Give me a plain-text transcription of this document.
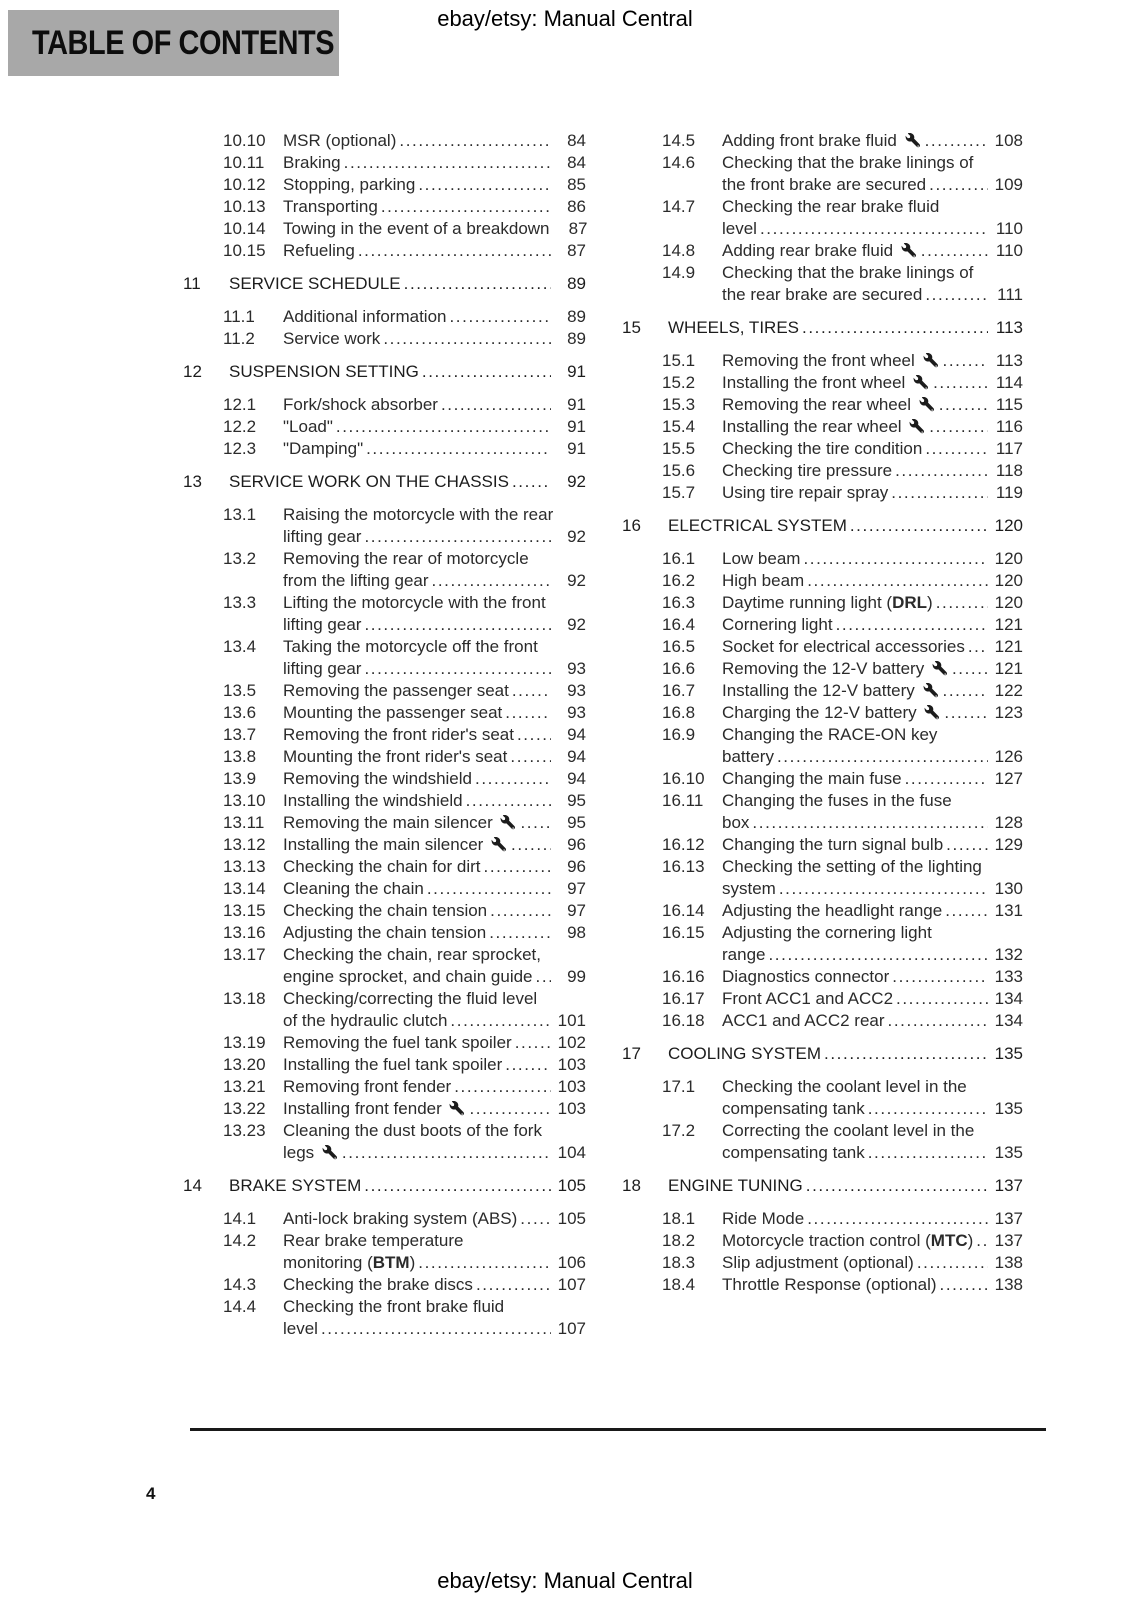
ebay/etsy: Manual Central
TABLE OF CONTENTS
10.10	MSR (optional) .....	84
10.11	Braking .....	84
10.12	Stopping, parking .....	85
10.13	Transporting .....	86
10.14	Towing in the event of a breakdown	87
10.15	Refueling .....	87
11	SERVICE SCHEDULE .....	89
11.1	Additional information .....	89
11.2	Service work .....	89
12	SUSPENSION SETTING .....	91
12.1	Fork/shock absorber .....	91
12.2	"Load" .....	91
12.3	"Damping" .....	91
13	SERVICE WORK ON THE CHASSIS .....	92
13.1	Raising the motorcycle with the rear
lifting gear .....	92
13.2	Removing the rear of motorcycle
from the lifting gear .....	92
13.3	Lifting the motorcycle with the front
lifting gear .....	92
13.4	Taking the motorcycle off the front
lifting gear .....	93
13.5	Removing the passenger seat .....	93
13.6	Mounting the passenger seat .....	93
13.7	Removing the front rider's seat .....	94
13.8	Mounting the front rider's seat .....	94
13.9	Removing the windshield .....	94
13.10	Installing the windshield .....	95
13.11	Removing the main silencer .....	95
13.12	Installing the main silencer .....	96
13.13	Checking the chain for dirt .....	96
13.14	Cleaning the chain .....	97
13.15	Checking the chain tension .....	97
13.16	Adjusting the chain tension .....	98
13.17	Checking the chain, rear sprocket,
engine sprocket, and chain guide .....	99
13.18	Checking/correcting the fluid level
of the hydraulic clutch .....	101
13.19	Removing the fuel tank spoiler .....	102
13.20	Installing the fuel tank spoiler .....	103
13.21	Removing front fender .....	103
13.22	Installing front fender .....	103
13.23	Cleaning the dust boots of the fork
legs .....	104
14	BRAKE SYSTEM .....	105
14.1	Anti-lock braking system (ABS) ..... 105
14.2	Rear brake temperature
monitoring (BTM) .....	106
14.3	Checking the brake discs .....	107
14.4	Checking the front brake fluid
level .....	107
14.5	Adding front brake fluid .....	108
14.6	Checking that the brake linings of
the front brake are secured .....	109
14.7	Checking the rear brake fluid
level .....	110
14.8	Adding rear brake fluid .....	110
14.9	Checking that the brake linings of
the rear brake are secured .....	111
15	WHEELS, TIRES .....	113
15.1	Removing the front wheel .....	113
15.2	Installing the front wheel .....	114
15.3	Removing the rear wheel .....	115
15.4	Installing the rear wheel .....	116
15.5	Checking the tire condition .....	117
15.6	Checking tire pressure .....	118
15.7	Using tire repair spray .....	119
16	ELECTRICAL SYSTEM .....	120
16.1	Low beam .....	120
16.2	High beam .....	120
16.3	Daytime running light (DRL) .....	120
16.4	Cornering light .....	121
16.5	Socket for electrical accessories ..... 121
16.6	Removing the 12-V battery .....	121
16.7	Installing the 12-V battery .....	122
16.8	Charging the 12-V battery .....	123
16.9	Changing the RACE-ON key
battery .....	126
16.10	Changing the main fuse .....	127
16.11	Changing the fuses in the fuse
box .....	128
16.12	Changing the turn signal bulb .....	129
16.13	Checking the setting of the lighting
system .....	130
16.14	Adjusting the headlight range .....	131
16.15	Adjusting the cornering light
range .....	132
16.16	Diagnostics connector .....	133
16.17	Front ACC1 and ACC2 .....	134
16.18	ACC1 and ACC2 rear .....	134
17	COOLING SYSTEM .....	135
17.1	Checking the coolant level in the
compensating tank .....	135
17.2	Correcting the coolant level in the
compensating tank .....	135
18	ENGINE TUNING .....	137
18.1	Ride Mode .....	137
18.2	Motorcycle traction control (MTC) ..... 137
18.3	Slip adjustment (optional) .....	138
18.4	Throttle Response (optional) .....	138
4
ebay/etsy: Manual Central
